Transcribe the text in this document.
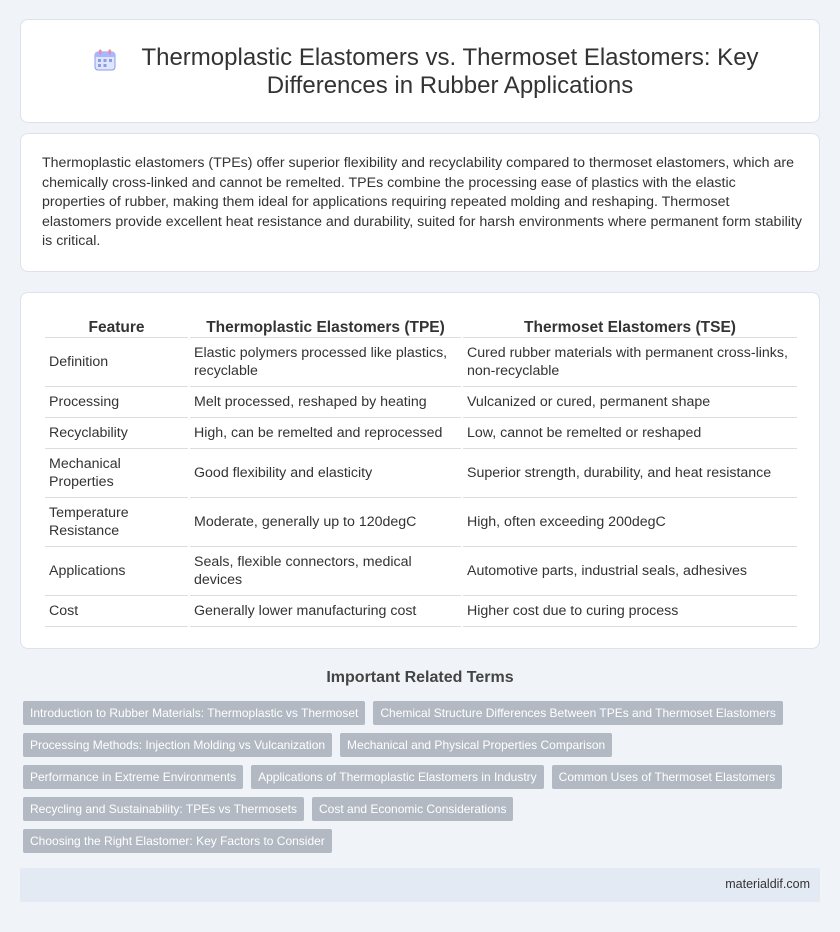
Thermoplastic Elastomers vs. Thermoset Elastomers: Key Differences in Rubber Applications

Thermoplastic elastomers (TPEs) offer superior flexibility and recyclability compared to thermoset elastomers, which are chemically cross-linked and cannot be remelted. TPEs combine the processing ease of plastics with the elastic properties of rubber, making them ideal for applications requiring repeated molding and reshaping. Thermoset elastomers provide excellent heat resistance and durability, suited for harsh environments where permanent form stability is critical.

Feature	Thermoplastic Elastomers (TPE)	Thermoset Elastomers (TSE)
Definition	Elastic polymers processed like plastics, recyclable	Cured rubber materials with permanent cross-links, non-recyclable
Processing	Melt processed, reshaped by heating	Vulcanized or cured, permanent shape
Recyclability	High, can be remelted and reprocessed	Low, cannot be remelted or reshaped
Mechanical Properties	Good flexibility and elasticity	Superior strength, durability, and heat resistance
Temperature Resistance	Moderate, generally up to 120degC	High, often exceeding 200degC
Applications	Seals, flexible connectors, medical devices	Automotive parts, industrial seals, adhesives
Cost	Generally lower manufacturing cost	Higher cost due to curing process
Important Related Terms
Introduction to Rubber Materials: Thermoplastic vs Thermoset	Chemical Structure Differences Between TPEs and Thermoset Elastomers
Processing Methods: Injection Molding vs Vulcanization	Mechanical and Physical Properties Comparison
Performance in Extreme Environments	Applications of Thermoplastic Elastomers in Industry	Common Uses of Thermoset Elastomers
Recycling and Sustainability: TPEs vs Thermosets	Cost and Economic Considerations
Choosing the Right Elastomer: Key Factors to Consider
materialdif.com
